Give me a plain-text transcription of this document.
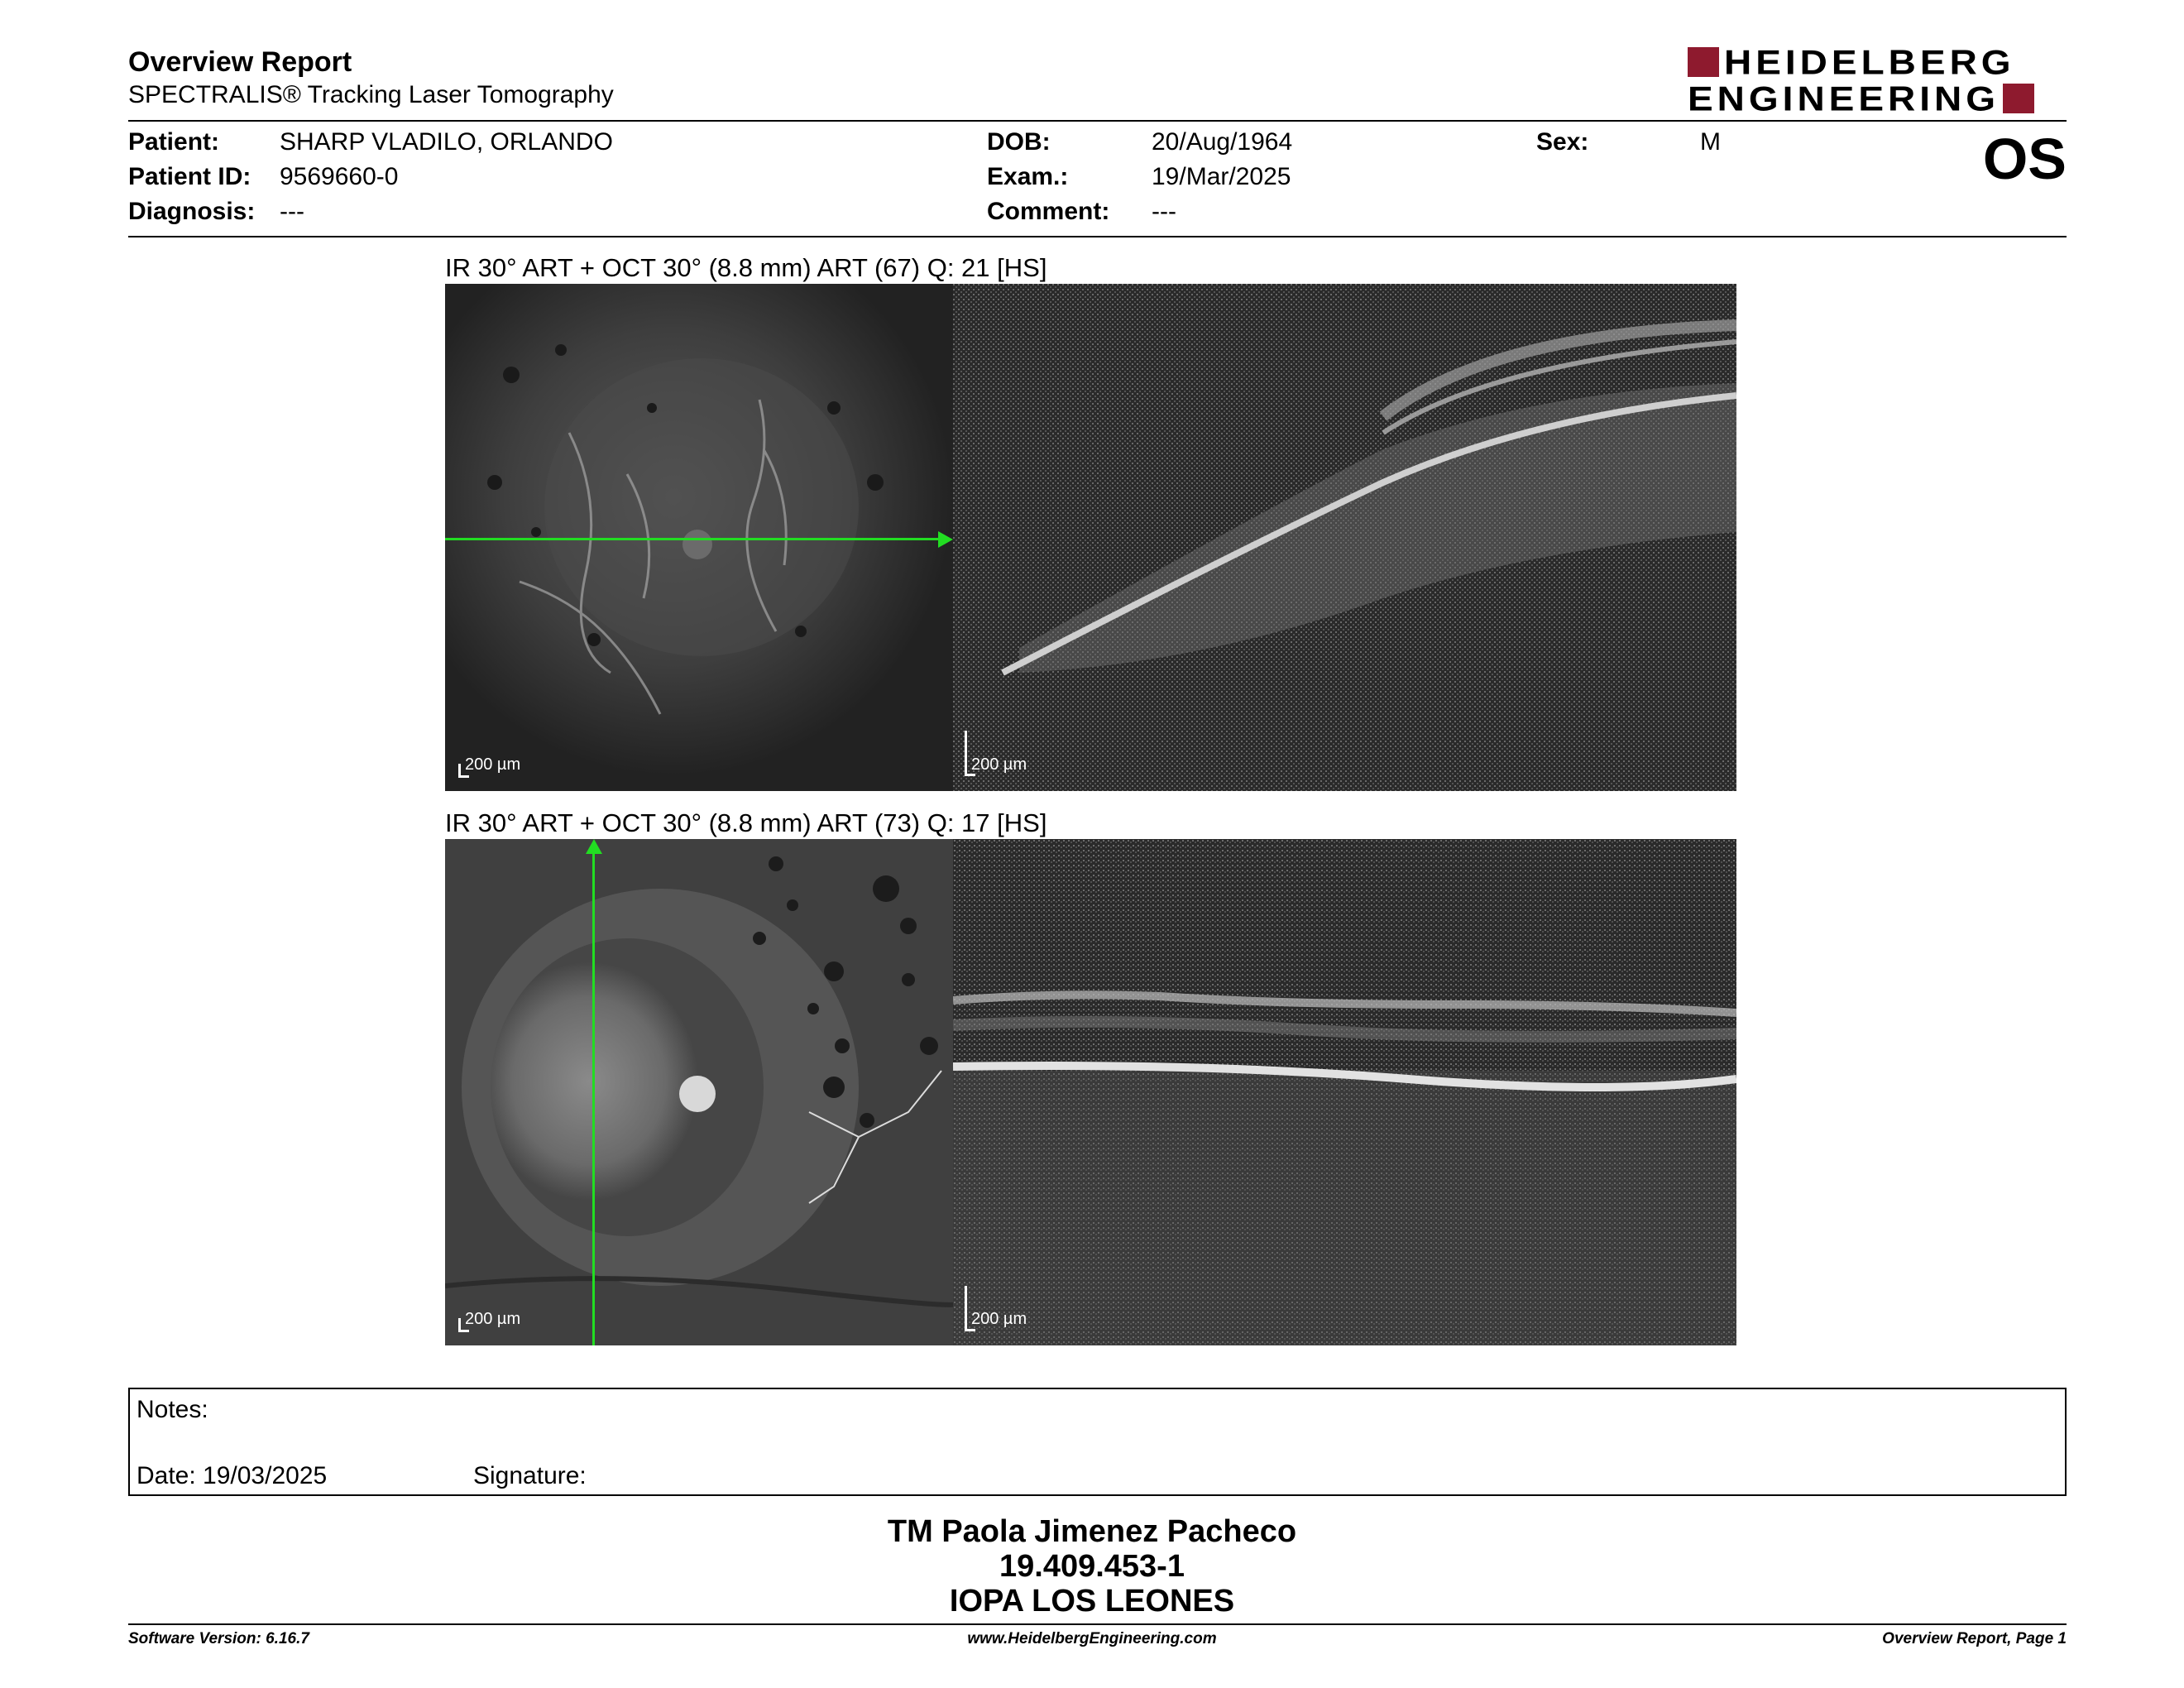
Overview Report
SPECTRALIS® Tracking Laser Tomography
HEIDELBERG
ENGINEERING
Patient: SHARP VLADILO, ORLANDO
Patient ID: 9569660-0
Diagnosis: ---
DOB:	20/Aug/1964
Exam.:	19/Mar/2025
Comment: ---
Sex:	M	OS
IR 30° ART + OCT 30° (8.8 mm) ART (67) Q: 21 [HS]
200 µm	200 µm
IR 30° ART + OCT 30° (8.8 mm) ART (73) Q: 17 [HS]
200 µm	200 µm
Notes:
Date: 19/03/2025	Signature:
TM Paola Jimenez Pacheco
19.409.453-1
IOPA LOS LEONES
Software Version: 6.16.7	www.HeidelbergEngineering.com	Overview Report, Page 1
